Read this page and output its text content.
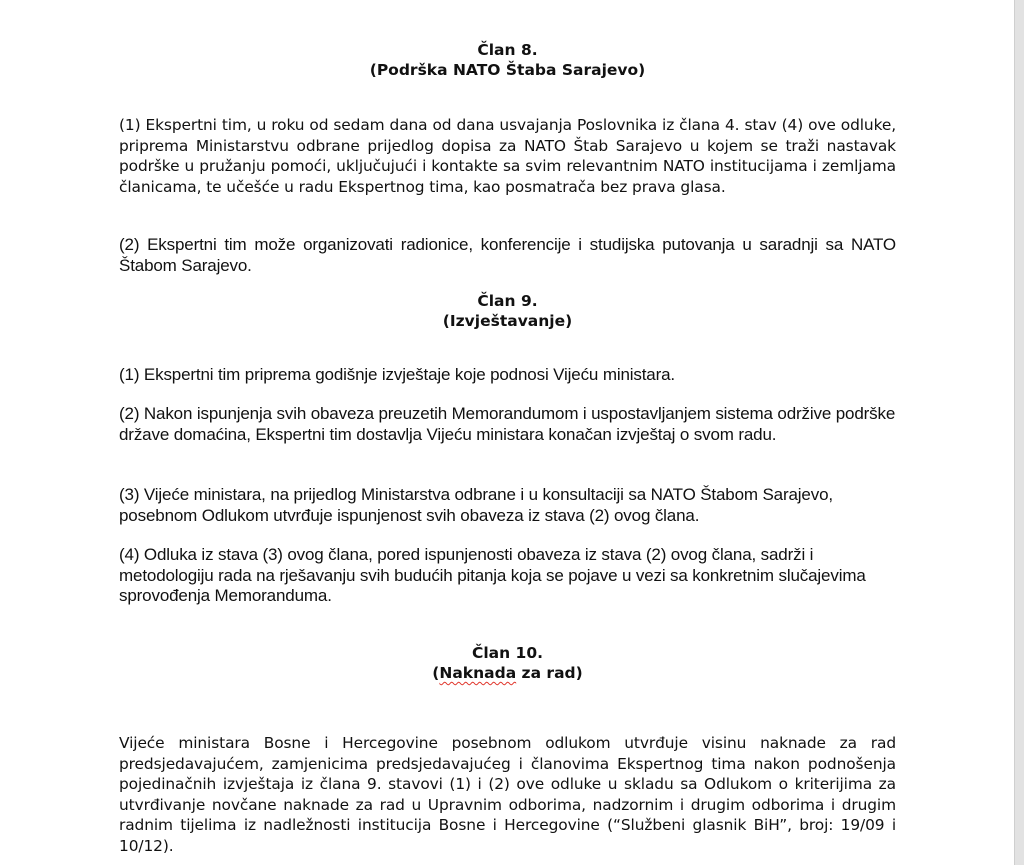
Član 8.
(Podrška NATO Štaba Sarajevo)
(1) Ekspertni tim, u roku od sedam dana od dana usvajanja Poslovnika iz člana 4. stav (4) ove odluke, priprema Ministarstvu odbrane prijedlog dopisa za NATO Štab Sarajevo u kojem se traži nastavak podrške u pružanju pomoći, uključujući i kontakte sa svim relevantnim NATO institucijama i zemljama članicama, te učešće u radu Ekspertnog tima, kao posmatrača bez prava glasa.
(2) Ekspertni tim može organizovati radionice, konferencije i studijska putovanja u saradnji sa NATO Štabom Sarajevo.
Član 9.
(Izvještavanje)
(1) Ekspertni tim priprema godišnje izvještaje koje podnosi Vijeću ministara.
(2) Nakon ispunjenja svih obaveza preuzetih Memorandumom i uspostavljanjem sistema održive podrške države domaćina, Ekspertni tim dostavlja Vijeću ministara konačan izvještaj o svom radu.
(3) Vijeće ministara, na prijedlog Ministarstva odbrane i u konsultaciji sa NATO Štabom Sarajevo, posebnom Odlukom utvrđuje ispunjenost svih obaveza iz stava (2) ovog člana.
(4) Odluka iz stava (3) ovog člana, pored ispunjenosti obaveza iz stava (2) ovog člana, sadrži i metodologiju rada na rješavanju svih budućih pitanja koja se pojave u vezi sa konkretnim slučajevima sprovođenja Memoranduma.
Član 10.
(Naknada za rad)
Vijeće ministara Bosne i Hercegovine posebnom odlukom utvrđuje visinu naknade za rad predsjedavajućem, zamjenicima predsjedavajućeg i članovima Ekspertnog tima nakon podnošenja pojedinačnih izvještaja iz člana 9. stavovi (1) i (2) ove odluke u skladu sa Odlukom o kriterijima za utvrđivanje novčane naknade za rad u Upravnim odborima, nadzornim i drugim odborima i drugim radnim tijelima iz nadležnosti institucija Bosne i Hercegovine (“Službeni glasnik BiH”, broj: 19/09 i 10/12).
